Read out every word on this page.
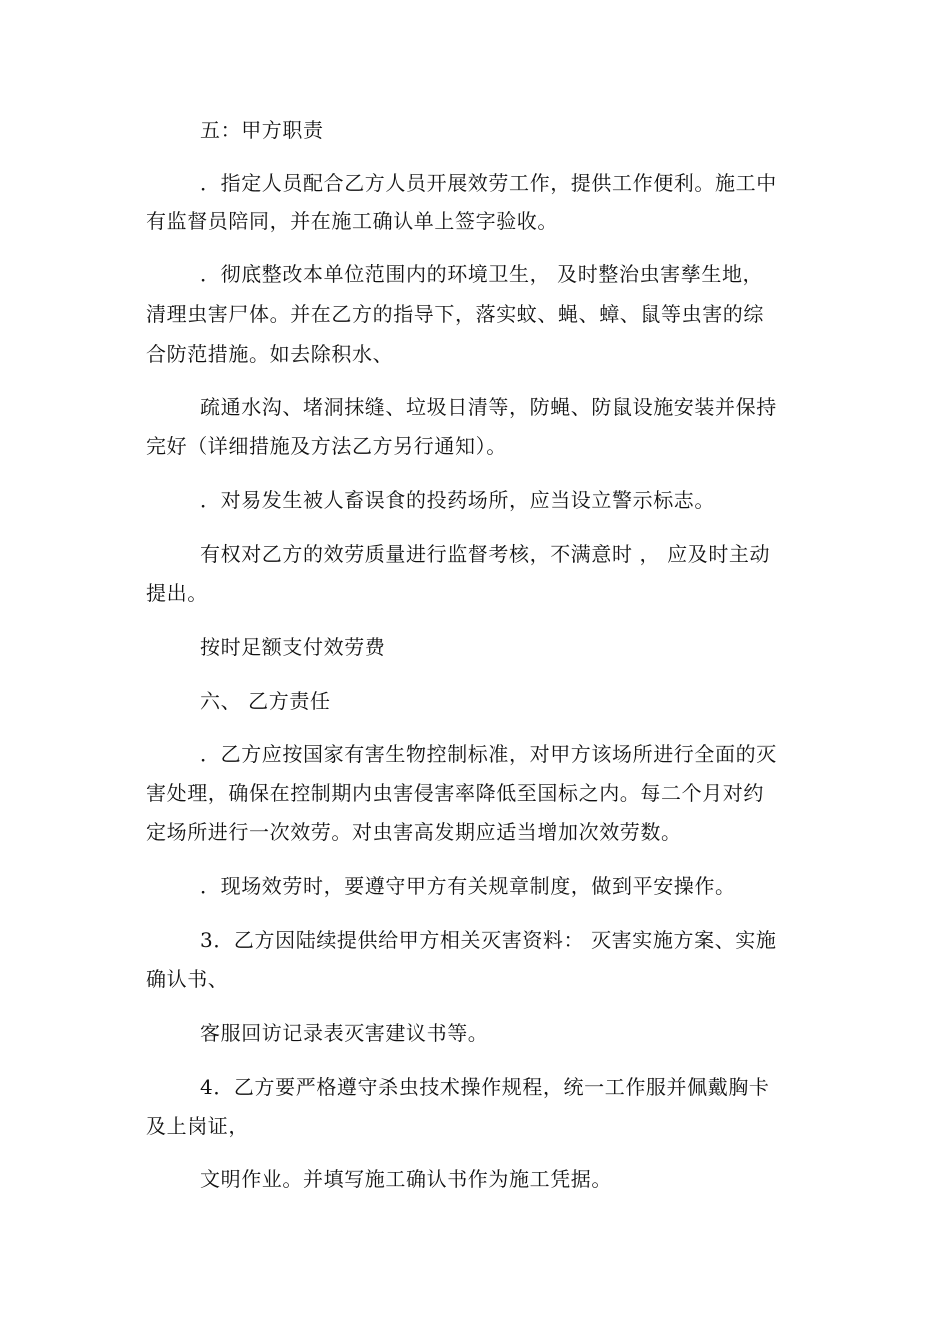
五：甲方职责
．指定人员配合乙方人员开展效劳工作，提供工作便利。施工中
有监督员陪同，并在施工确认单上签字验收。
．彻底整改本单位范围内的环境卫生， 及时整治虫害孳生地，
清理虫害尸体。并在乙方的指导下，落实蚊、蝇、蟑、鼠等虫害的综
合防范措施。如去除积水、
疏通水沟、堵洞抹缝、垃圾日清等，防蝇、防鼠设施安装并保持
完好（详细措施及方法乙方另行通知）。
．对易发生被人畜误食的投药场所，应当设立警示标志。
有权对乙方的效劳质量进行监督考核，不满意时 ， 应及时主动
提出。
按时足额支付效劳费
六、 乙方责任
．乙方应按国家有害生物控制标准，对甲方该场所进行全面的灭
害处理，确保在控制期内虫害侵害率降低至国标之内。每二个月对约
定场所进行一次效劳。对虫害高发期应适当增加次效劳数。
．现场效劳时，要遵守甲方有关规章制度，做到平安操作。
3．乙方因陆续提供给甲方相关灭害资料： 灭害实施方案、实施
确认书、
客服回访记录表灭害建议书等。
4．乙方要严格遵守杀虫技术操作规程，统一工作服并佩戴胸卡
及上岗证，
文明作业。并填写施工确认书作为施工凭据。
